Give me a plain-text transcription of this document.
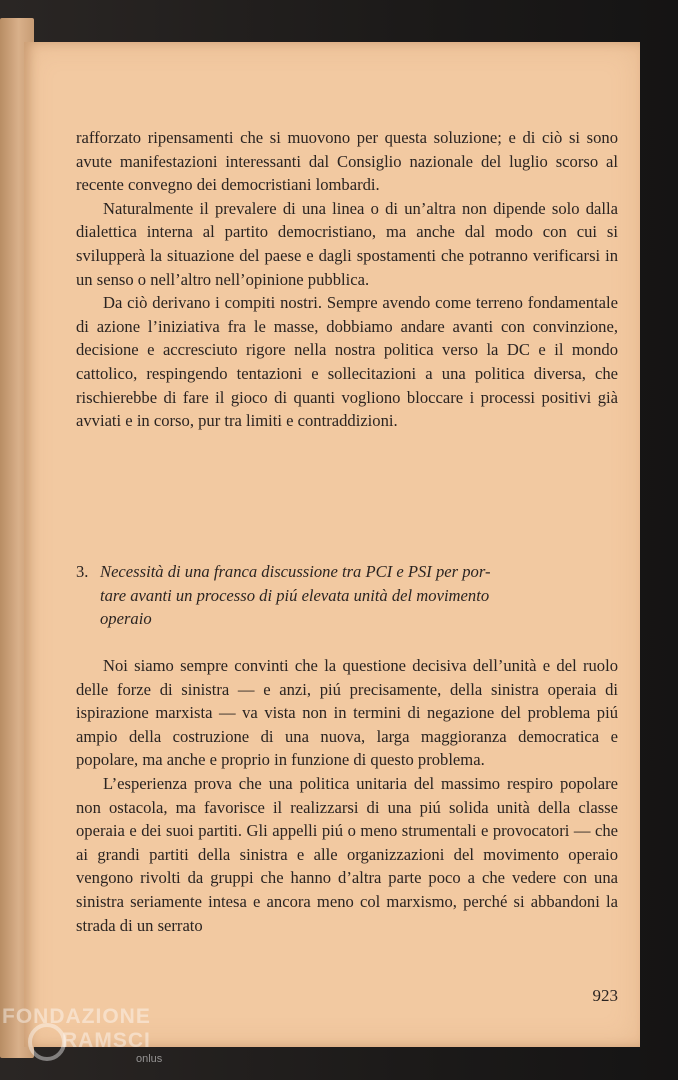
rafforzato ripensamenti che si muovono per questa soluzione; e di ciò si sono avute manifestazioni interessanti dal Consiglio nazionale del luglio scorso al recente convegno dei democristiani lombardi.

Naturalmente il prevalere di una linea o di un’altra non dipende solo dalla dialettica interna al partito democristiano, ma anche dal modo con cui si svilupperà la situazione del paese e dagli spostamenti che potranno verificarsi in un senso o nell’altro nell’opinione pubblica.

Da ciò derivano i compiti nostri. Sempre avendo come terreno fondamentale di azione l’iniziativa fra le masse, dobbiamo andare avanti con convinzione, decisione e accresciuto rigore nella nostra politica verso la DC e il mondo cattolico, respingendo tentazioni e sollecitazioni a una politica diversa, che rischierebbe di fare il gioco di quanti vogliono bloccare i processi positivi già avviati e in corso, pur tra limiti e contraddizioni.

3. Necessità di una franca discussione tra PCI e PSI per por-
tare avanti un processo di piú elevata unità del movimento
operaio

Noi siamo sempre convinti che la questione decisiva dell’unità e del ruolo delle forze di sinistra — e anzi, piú precisamente, della sinistra operaia di ispirazione marxista — va vista non in termini di negazione del problema piú ampio della costruzione di una nuova, larga maggioranza democratica e popolare, ma anche e proprio in funzione di questo problema.

L’esperienza prova che una politica unitaria del massimo respiro popolare non ostacola, ma favorisce il realizzarsi di una piú solida unità della classe operaia e dei suoi partiti. Gli appelli piú o meno strumentali e provocatori — che ai grandi partiti della sinistra e alle organizzazioni del movimento operaio vengono rivolti da gruppi che hanno d’altra parte poco a che vedere con una sinistra seriamente intesa e ancora meno col marxismo, perché si abbandoni la strada di un serrato

923
FONDAZIONE
RAMSCI
onlus
